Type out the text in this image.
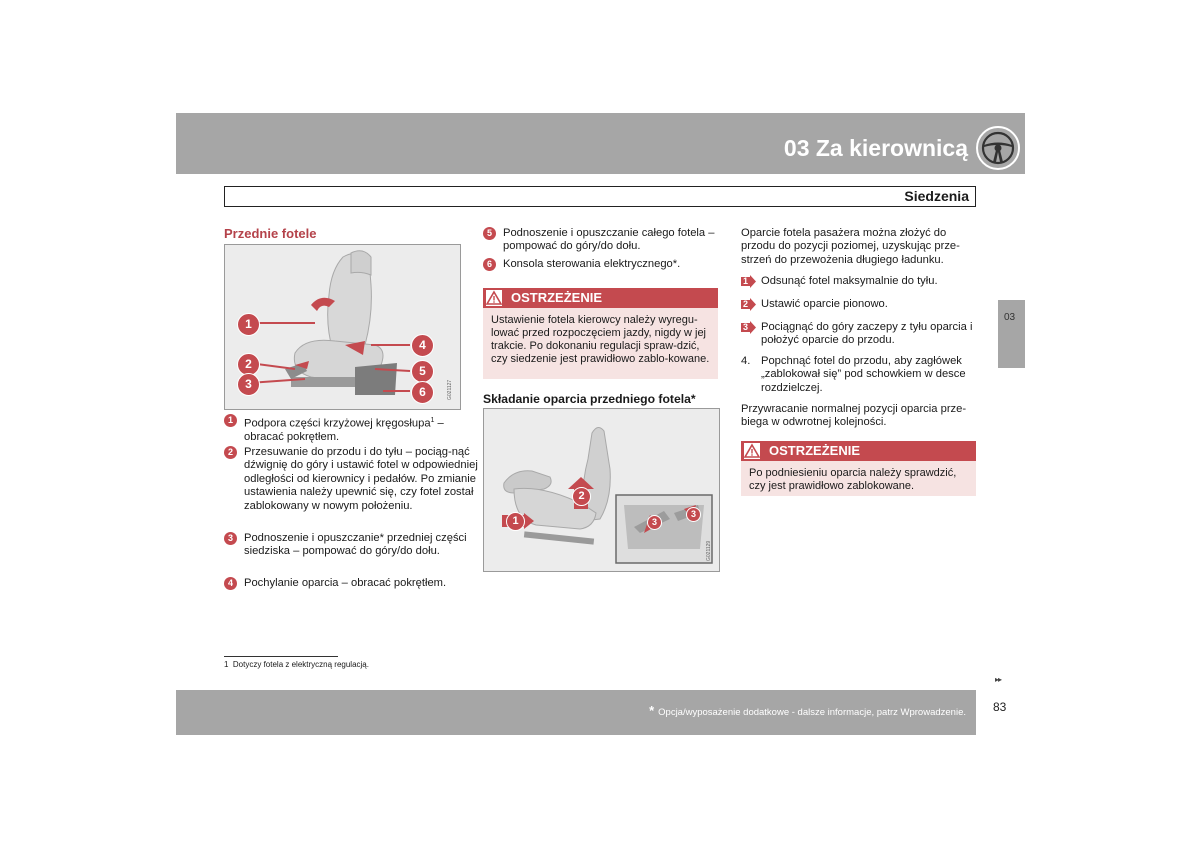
03 Za kierownicą
Siedzenia
03
Przednie fotele
1
2
3
4
5
6	G021127
1 Podpora części krzyżowej kręgosłupa$^1$ – obracać pokrętłem.
2 Przesuwanie do przodu i do tyłu – pociąg-nąć dźwignię do góry i ustawić fotel w odpowiedniej odległości od kierownicy i pedałów. Po zmianie ustawienia należy upewnić się, czy fotel został zablokowany w nowym położeniu.
3 Podnoszenie i opuszczanie* przedniej części siedziska – pompować do góry/do dołu.
4 Pochylanie oparcia – obracać pokrętłem.
5 Podnoszenie i opuszczanie całego fotela – pompować do góry/do dołu.
6 Konsola sterowania elektrycznego*.
OSTRZEŻENIE
Ustawienie fotela kierowcy należy wyregu-lować przed rozpoczęciem jazdy, nigdy w jej trakcie. Po dokonaniu regulacji spraw-dzić, czy siedzenie jest prawidłowo zablo-kowane.
Składanie oparcia przedniego fotela*
1
2
3
3
G021129
Oparcie fotela pasażera można złożyć do przodu do pozycji poziomej, uzyskując prze-strzeń do przewożenia długiego ładunku.
1 Odsunąć fotel maksymalnie do tyłu.
2 Ustawić oparcie pionowo.
3 Pociągnąć do góry zaczepy z tyłu oparcia i położyć oparcie do przodu.
4. Popchnąć fotel do przodu, aby zagłówek „zablokował się” pod schowkiem w desce rozdzielczej.
Przywracanie normalnej pozycji oparcia prze-biega w odwrotnej kolejności.
OSTRZEŻENIE
Po podniesieniu oparcia należy sprawdzić, czy jest prawidłowo zablokowane.
1 Dotyczy fotela z elektryczną regulacją.
▸▸
* Opcja/wyposażenie dodatkowe - dalsze informacje, patrz Wprowadzenie. 83
